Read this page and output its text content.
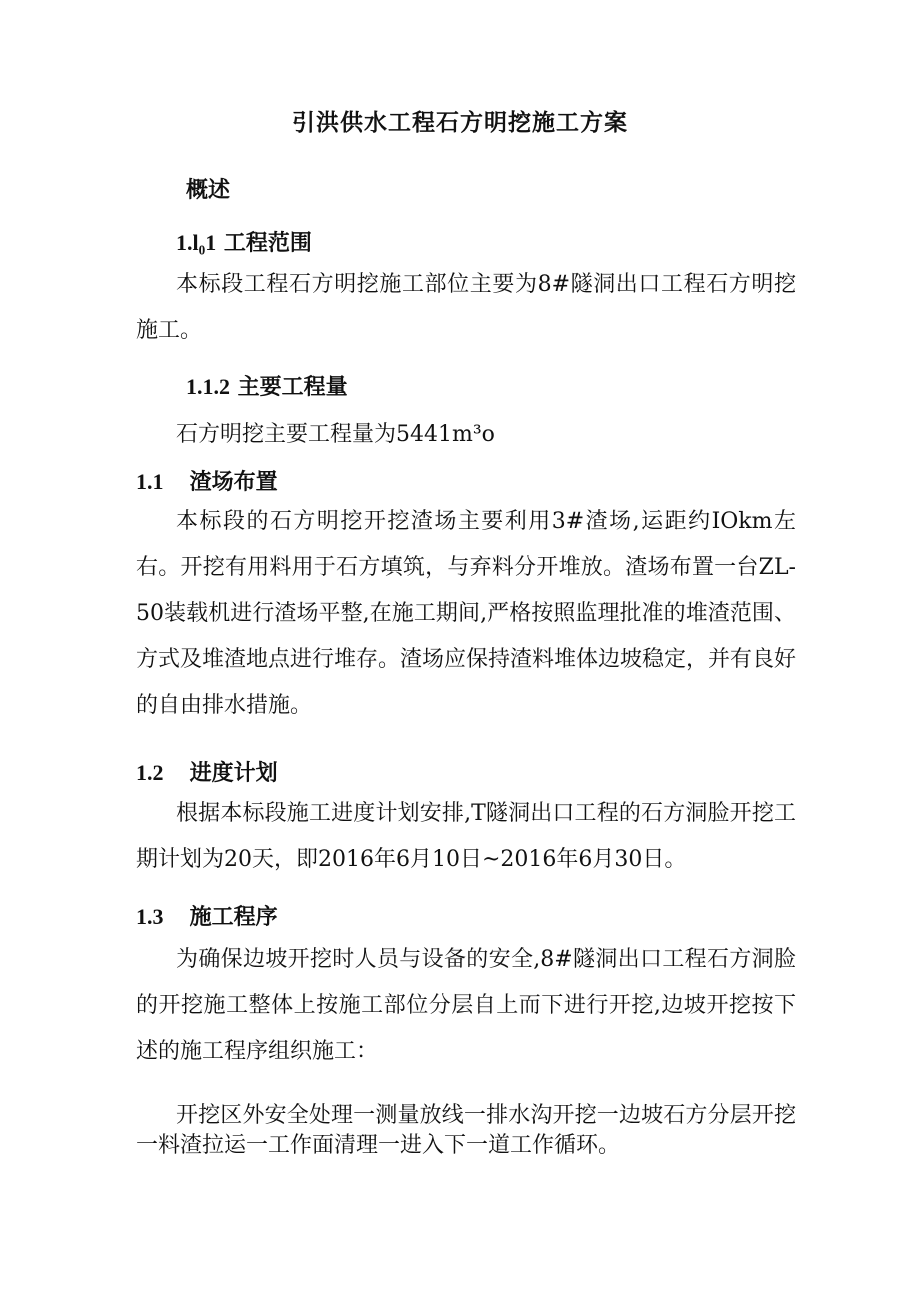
引洪供水工程石方明挖施工方案
概述
1.l₀1 工程范围
本标段工程石方明挖施工部位主要为8#隧洞出口工程石方明挖施工。
1.1.2 主要工程量
石方明挖主要工程量为5441m³o
1.1 渣场布置
本标段的石方明挖开挖渣场主要利用3#渣场,运距约IOkm左右。开挖有用料用于石方填筑，与弃料分开堆放。渣场布置一台ZL-50装载机进行渣场平整,在施工期间,严格按照监理批准的堆渣范围、方式及堆渣地点进行堆存。渣场应保持渣料堆体边坡稳定，并有良好的自由排水措施。
1.2 进度计划
根据本标段施工进度计划安排,T隧洞出口工程的石方洞脸开挖工期计划为20天，即2016年6月10日~2016年6月30日。
1.3 施工程序
为确保边坡开挖时人员与设备的安全,8#隧洞出口工程石方洞脸的开挖施工整体上按施工部位分层自上而下进行开挖,边坡开挖按下述的施工程序组织施工：
开挖区外安全处理一测量放线一排水沟开挖一边坡石方分层开挖一料渣拉运一工作面清理一进入下一道工作循环。
